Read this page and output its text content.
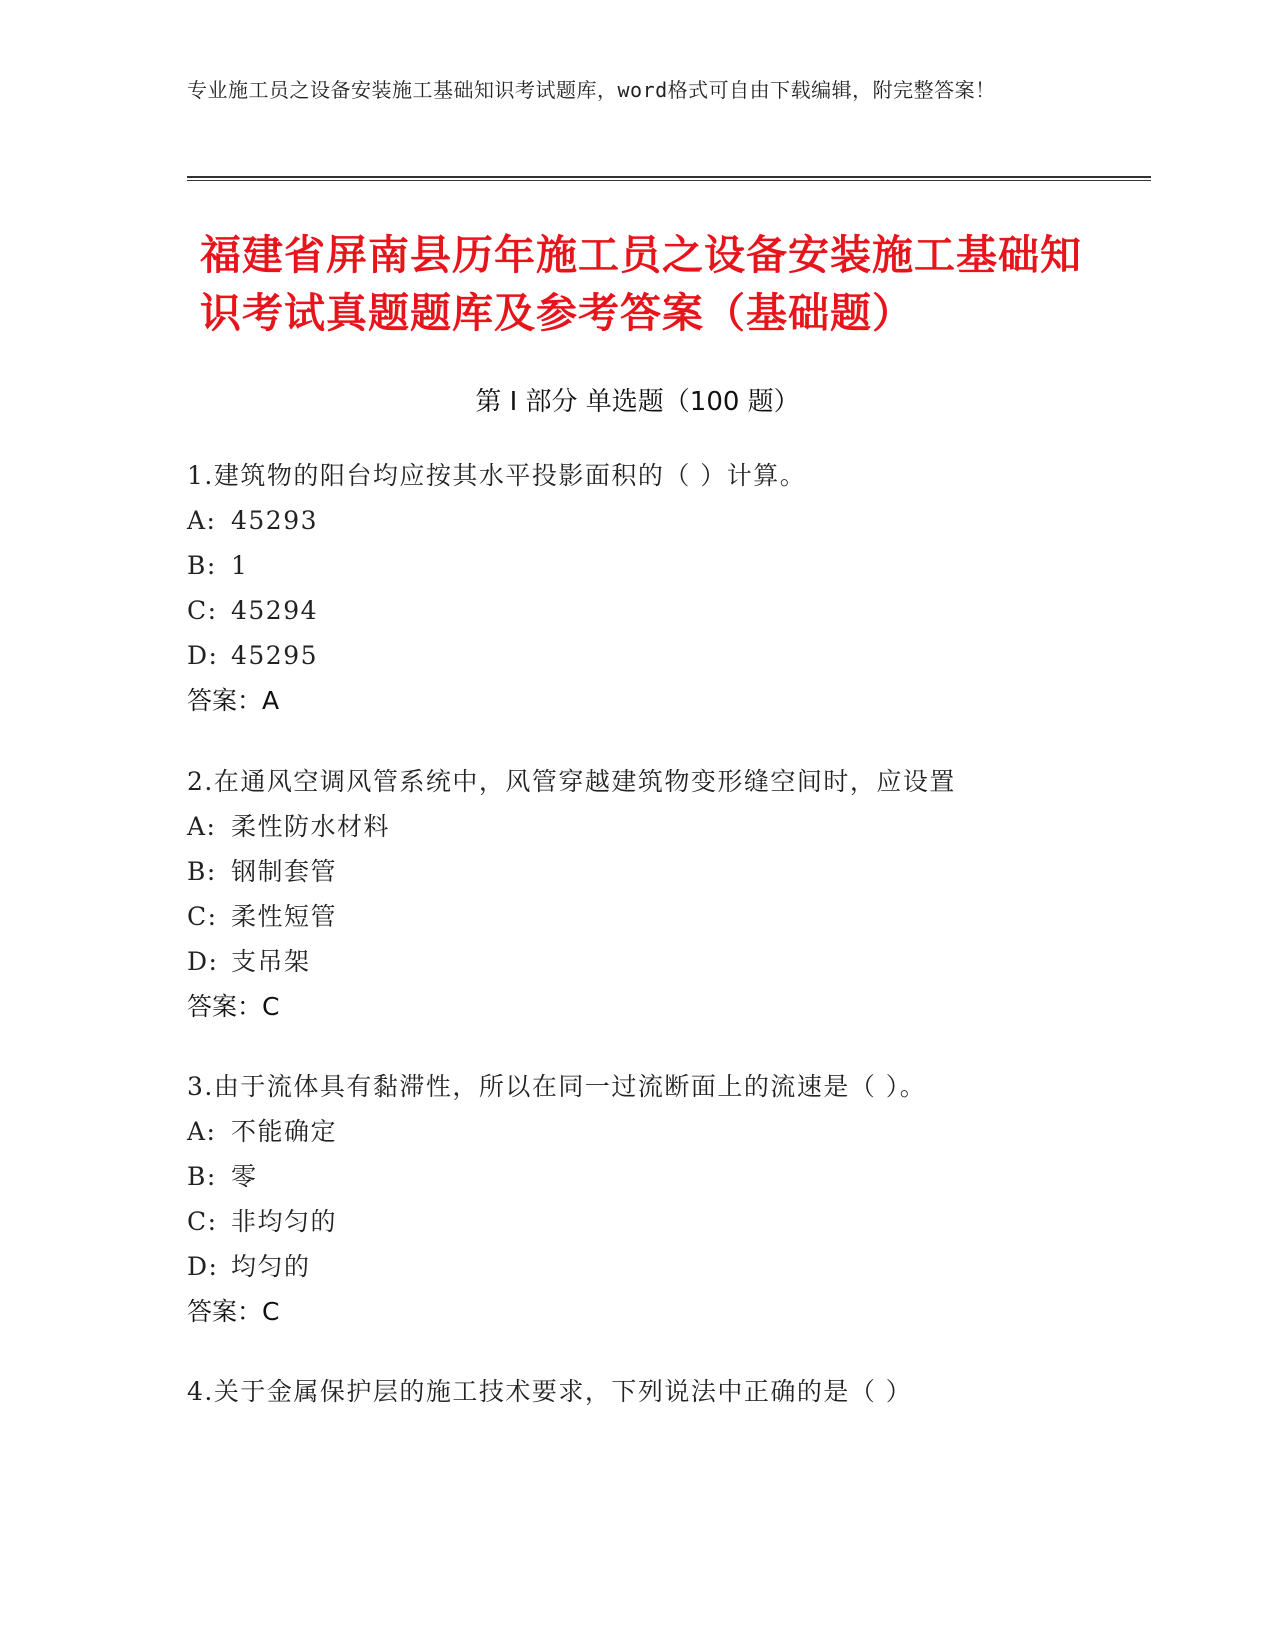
专业施工员之设备安装施工基础知识考试题库，word格式可自由下载编辑，附完整答案！
福建省屏南县历年施工员之设备安装施工基础知识考试真题题库及参考答案（基础题）
第 I 部分 单选题（100 题）
1.建筑物的阳台均应按其水平投影面积的（ ）计算。
A: 45293
B: 1
C: 45294
D: 45295
答案：A
2.在通风空调风管系统中，风管穿越建筑物变形缝空间时，应设置
A: 柔性防水材料
B: 钢制套管
C: 柔性短管
D: 支吊架
答案：C
3.由于流体具有黏滞性，所以在同一过流断面上的流速是（ ）。
A: 不能确定
B: 零
C: 非均匀的
D: 均匀的
答案：C
4.关于金属保护层的施工技术要求，下列说法中正确的是（ ）
